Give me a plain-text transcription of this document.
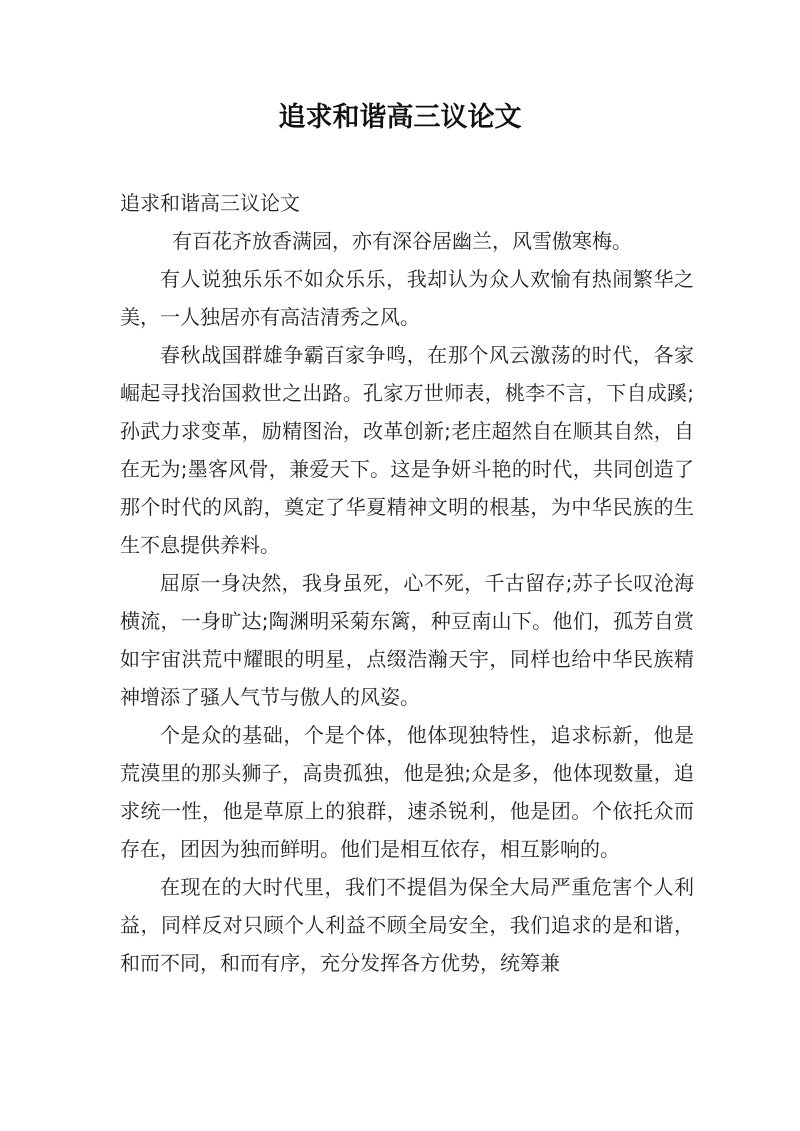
追求和谐高三议论文

追求和谐高三议论文

有百花齐放香满园，亦有深谷居幽兰，风雪傲寒梅。

有人说独乐乐不如众乐乐，我却认为众人欢愉有热闹繁华之美，一人独居亦有高洁清秀之风。

春秋战国群雄争霸百家争鸣，在那个风云激荡的时代，各家崛起寻找治国救世之出路。孔家万世师表，桃李不言，下自成蹊;孙武力求变革，励精图治，改革创新;老庄超然自在顺其自然，自在无为;墨客风骨，兼爱天下。这是争妍斗艳的时代，共同创造了那个时代的风韵，奠定了华夏精神文明的根基，为中华民族的生生不息提供养料。

屈原一身决然，我身虽死，心不死，千古留存;苏子长叹沧海横流，一身旷达;陶渊明采菊东篱，种豆南山下。他们，孤芳自赏如宇宙洪荒中耀眼的明星，点缀浩瀚天宇，同样也给中华民族精神增添了骚人气节与傲人的风姿。

个是众的基础，个是个体，他体现独特性，追求标新，他是荒漠里的那头狮子，高贵孤独，他是独;众是多，他体现数量，追求统一性，他是草原上的狼群，速杀锐利，他是团。个依托众而存在，团因为独而鲜明。他们是相互依存，相互影响的。

在现在的大时代里，我们不提倡为保全大局严重危害个人利益，同样反对只顾个人利益不顾全局安全，我们追求的是和谐，和而不同，和而有序，充分发挥各方优势，统筹兼
